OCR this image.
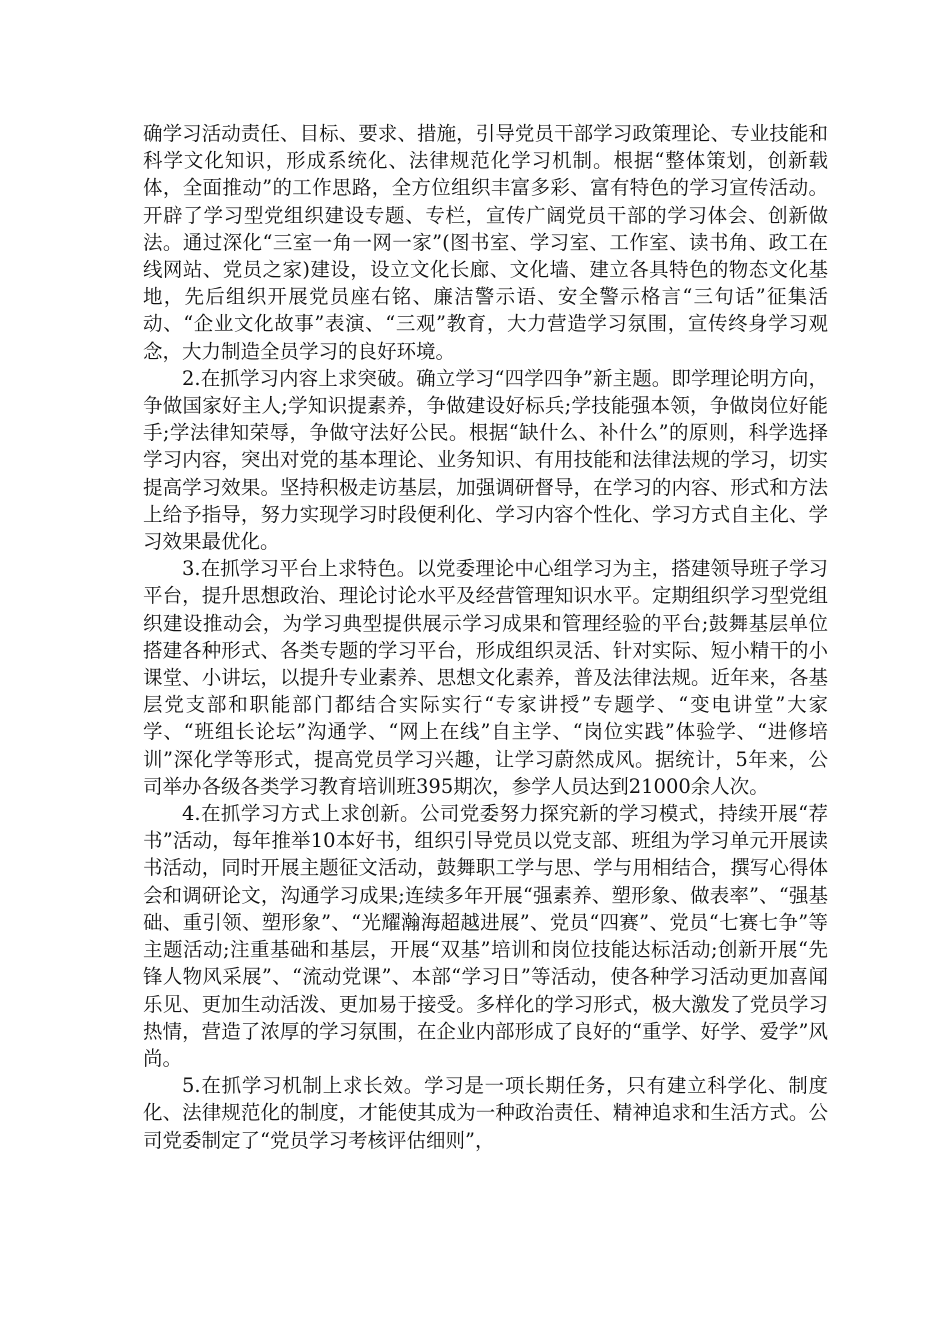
确学习活动责任、目标、要求、措施，引导党员干部学习政策理论、专业技能和科学文化知识，形成系统化、法律规范化学习机制。根据“整体策划，创新载体，全面推动”的工作思路，全方位组织丰富多彩、富有特色的学习宣传活动。开辟了学习型党组织建设专题、专栏，宣传广阔党员干部的学习体会、创新做法。通过深化“三室一角一网一家”(图书室、学习室、工作室、读书角、政工在线网站、党员之家)建设，设立文化长廊、文化墙、建立各具特色的物态文化基地，先后组织开展党员座右铭、廉洁警示语、安全警示格言“三句话”征集活动、“企业文化故事”表演、“三观”教育，大力营造学习氛围，宣传终身学习观念，大力制造全员学习的良好环境。

2.在抓学习内容上求突破。确立学习“四学四争”新主题。即学理论明方向，争做国家好主人;学知识提素养，争做建设好标兵;学技能强本领，争做岗位好能手;学法律知荣辱，争做守法好公民。根据“缺什么、补什么”的原则，科学选择学习内容，突出对党的基本理论、业务知识、有用技能和法律法规的学习，切实提高学习效果。坚持积极走访基层，加强调研督导，在学习的内容、形式和方法上给予指导，努力实现学习时段便利化、学习内容个性化、学习方式自主化、学习效果最优化。

3.在抓学习平台上求特色。以党委理论中心组学习为主，搭建领导班子学习平台，提升思想政治、理论讨论水平及经营管理知识水平。定期组织学习型党组织建设推动会，为学习典型提供展示学习成果和管理经验的平台;鼓舞基层单位搭建各种形式、各类专题的学习平台，形成组织灵活、针对实际、短小精干的小课堂、小讲坛，以提升专业素养、思想文化素养，普及法律法规。近年来，各基层党支部和职能部门都结合实际实行“专家讲授”专题学、“变电讲堂”大家学、“班组长论坛”沟通学、“网上在线”自主学、“岗位实践”体验学、“进修培训”深化学等形式，提高党员学习兴趣，让学习蔚然成风。据统计，5年来，公司举办各级各类学习教育培训班395期次，参学人员达到21000余人次。

4.在抓学习方式上求创新。公司党委努力探究新的学习模式，持续开展“荐书”活动，每年推举10本好书，组织引导党员以党支部、班组为学习单元开展读书活动，同时开展主题征文活动，鼓舞职工学与思、学与用相结合，撰写心得体会和调研论文，沟通学习成果;连续多年开展“强素养、塑形象、做表率”、“强基础、重引领、塑形象”、“光耀瀚海超越进展”、党员“四赛”、党员“七赛七争”等主题活动;注重基础和基层，开展“双基”培训和岗位技能达标活动;创新开展“先锋人物风采展”、“流动党课”、本部“学习日”等活动，使各种学习活动更加喜闻乐见、更加生动活泼、更加易于接受。多样化的学习形式，极大激发了党员学习热情，营造了浓厚的学习氛围，在企业内部形成了良好的“重学、好学、爱学”风尚。

5.在抓学习机制上求长效。学习是一项长期任务，只有建立科学化、制度化、法律规范化的制度，才能使其成为一种政治责任、精神追求和生活方式。公司党委制定了“党员学习考核评估细则”，
